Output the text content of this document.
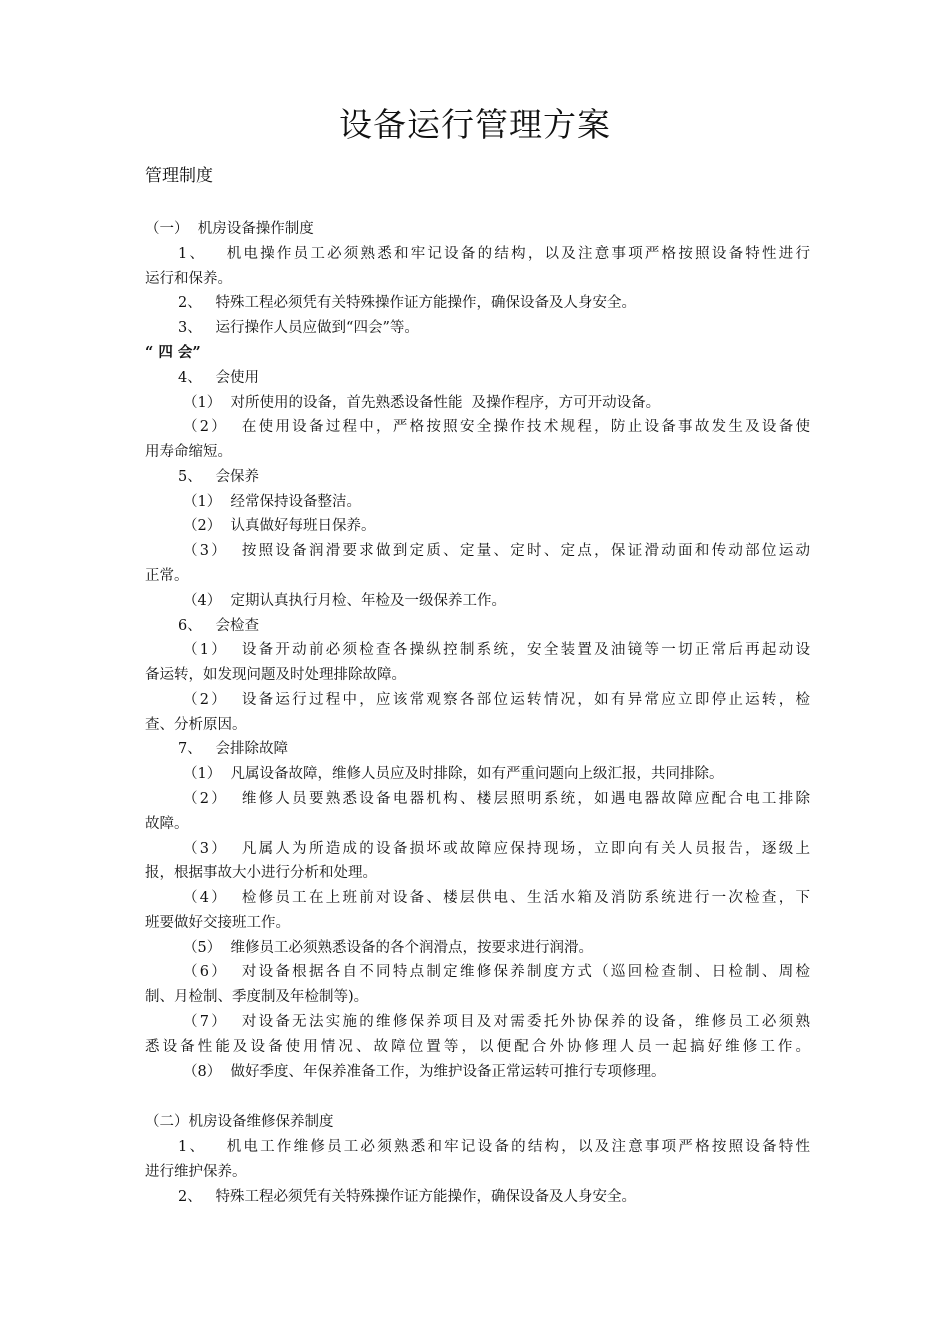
设备运行管理方案
管理制度
（一）  机房设备操作制度
1、   机电操作员工必须熟悉和牢记设备的结构，以及注意事项严格按照设备特性进行
运行和保养。
2、   特殊工程必须凭有关特殊操作证方能操作，确保设备及人身安全。
3、   运行操作人员应做到“四会”等。
“ 四 会”
4、   会使用
（1）  对所使用的设备，首先熟悉设备性能  及操作程序，方可开动设备。
（2）  在使用设备过程中，严格按照安全操作技术规程，防止设备事故发生及设备使
用寿命缩短。
5、   会保养
（1）  经常保持设备整洁。
（2）  认真做好每班日保养。
（3）  按照设备润滑要求做到定质、定量、定时、定点，保证滑动面和传动部位运动
正常。
（4）  定期认真执行月检、年检及一级保养工作。
6、   会检查
（1）  设备开动前必须检查各操纵控制系统，安全装置及油镜等一切正常后再起动设
备运转，如发现问题及时处理排除故障。
（2）  设备运行过程中，应该常观察各部位运转情况，如有异常应立即停止运转，检
查、分析原因。
7、   会排除故障
（1）  凡属设备故障，维修人员应及时排除，如有严重问题向上级汇报，共同排除。
（2）  维修人员要熟悉设备电器机构、楼层照明系统，如遇电器故障应配合电工排除
故障。
（3）  凡属人为所造成的设备损坏或故障应保持现场，立即向有关人员报告，逐级上
报，根据事故大小进行分析和处理。
（4）  检修员工在上班前对设备、楼层供电、生活水箱及消防系统进行一次检查，下
班要做好交接班工作。
（5）  维修员工必须熟悉设备的各个润滑点，按要求进行润滑。
（6）  对设备根据各自不同特点制定维修保养制度方式（巡回检查制、日检制、周检
制、月检制、季度制及年检制等)。
（7）  对设备无法实施的维修保养项目及对需委托外协保养的设备，维修员工必须熟
悉设备性能及设备使用情况、故障位置等，以便配合外协修理人员一起搞好维修工作。
（8）  做好季度、年保养准备工作，为维护设备正常运转可推行专项修理。
（二）机房设备维修保养制度
1、   机电工作维修员工必须熟悉和牢记设备的结构，以及注意事项严格按照设备特性
进行维护保养。
2、   特殊工程必须凭有关特殊操作证方能操作，确保设备及人身安全。
